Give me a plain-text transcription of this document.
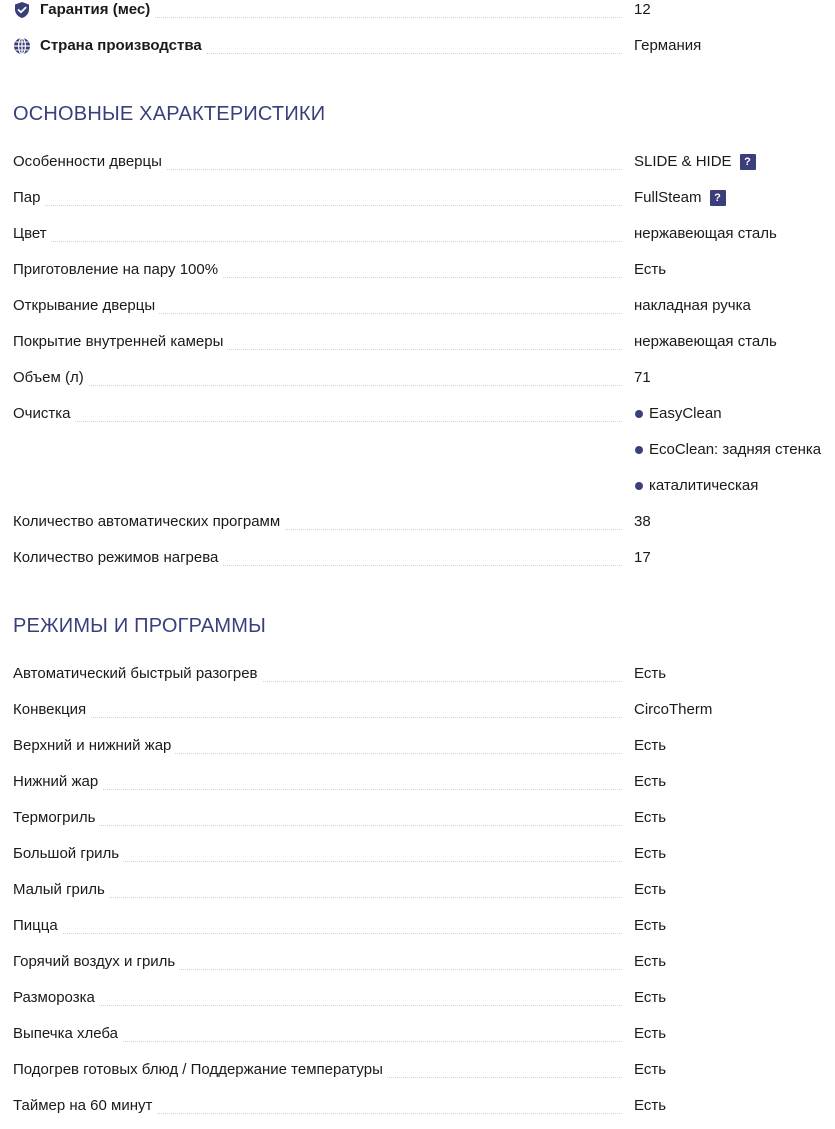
Гарантия (мес)	12
Страна производства	Германия
ОСНОВНЫЕ ХАРАКТЕРИСТИКИ
Особенности дверцы	SLIDE & HIDE	?
Пар	FullSteam	?
Цвет	нержавеющая сталь
Приготовление на пару 100%	Есть
Открывание дверцы	накладная ручка
Покрытие внутренней камеры	нержавеющая сталь
Объем (л)	71
Очистка	EasyClean
EcoClean: задняя стенка
каталитическая
Количество автоматических программ	38
Количество режимов нагрева	17
РЕЖИМЫ И ПРОГРАММЫ
Автоматический быстрый разогрев	Есть
Конвекция	CircoTherm
Верхний и нижний жар	Есть
Нижний жар	Есть
Термогриль	Есть
Большой гриль	Есть
Малый гриль	Есть
Пицца	Есть
Горячий воздух и гриль	Есть
Разморозка	Есть
Выпечка хлеба	Есть
Подогрев готовых блюд / Поддержание температуры	Есть
Таймер на 60 минут	Есть
